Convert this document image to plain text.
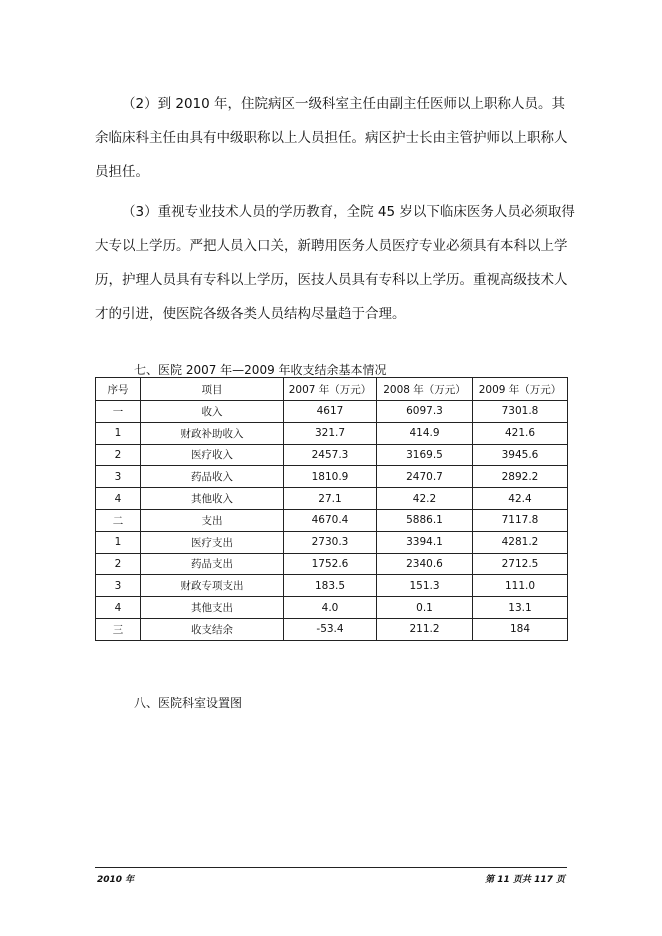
（2）到 2010 年，住院病区一级科室主任由副主任医师以上职称人员。其余临床科主任由具有中级职称以上人员担任。病区护士长由主管护师以上职称人员担任。

（3）重视专业技术人员的学历教育，全院 45 岁以下临床医务人员必须取得大专以上学历。严把人员入口关，新聘用医务人员医疗专业必须具有本科以上学历，护理人员具有专科以上学历，医技人员具有专科以上学历。重视高级技术人才的引进，使医院各级各类人员结构尽量趋于合理。

七、医院 2007 年—2009 年收支结余基本情况

序号	项目	2007 年（万元）	2008 年（万元）	2009 年（万元）
一	收入	4617	6097.3	7301.8
1	财政补助收入	321.7	414.9	421.6
2	医疗收入	2457.3	3169.5	3945.6
3	药品收入	1810.9	2470.7	2892.2
4	其他收入	27.1	42.2	42.4
二	支出	4670.4	5886.1	7117.8
1	医疗支出	2730.3	3394.1	4281.2
2	药品支出	1752.6	2340.6	2712.5
3	财政专项支出	183.5	151.3	111.0
4	其他支出	4.0	0.1	13.1
三	收支结余	-53.4	211.2	184

八、医院科室设置图

2010 年	第 11 页共 117 页
